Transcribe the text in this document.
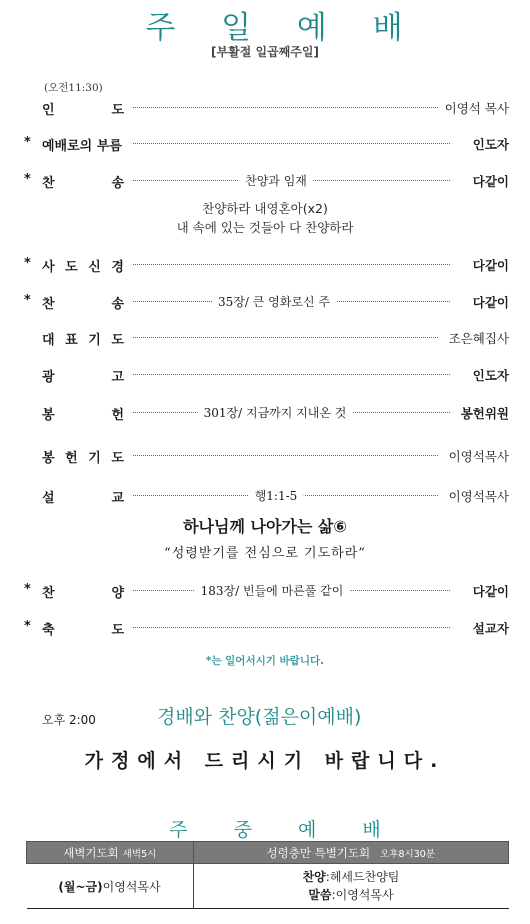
주 일 예 배
[부활절 일곱째주일]
(오전11:30)
인	도	이영석 목사
* 예배로의 부름	인도자
* 찬	송	찬양과 임재	다같이
* 사 도 신 경	다같이
* 찬	송	35장/ 큰 영화로신 주	다같이
대 표 기 도	조은혜집사
광	고	인도자
봉	헌	301장/ 지금까지 지내온 것	봉헌위원
봉 헌 기 도	이영석목사
설	교	행1:1-5	이영석목사
* 찬	양	183장/ 빈들에 마른풀 같이	다같이
* 축	도	설교자
찬양하라 내영혼아(x2)
내 속에 있는 것들아 다 찬양하라
하나님께 나아가는 삶⑥
“성령받기를 전심으로 기도하라”
*는 일어서시기 바랍니다.
오후 2:00	경배와 찬양(젊은이예배)
가정에서 드리시기 바랍니다.
주 중 예 배
새벽기도회 새벽5시	성령충만 특별기도회 오후8시30분
(월~금)이영석목사	찬양:헤세드찬양팀
말씀:이영석목사
